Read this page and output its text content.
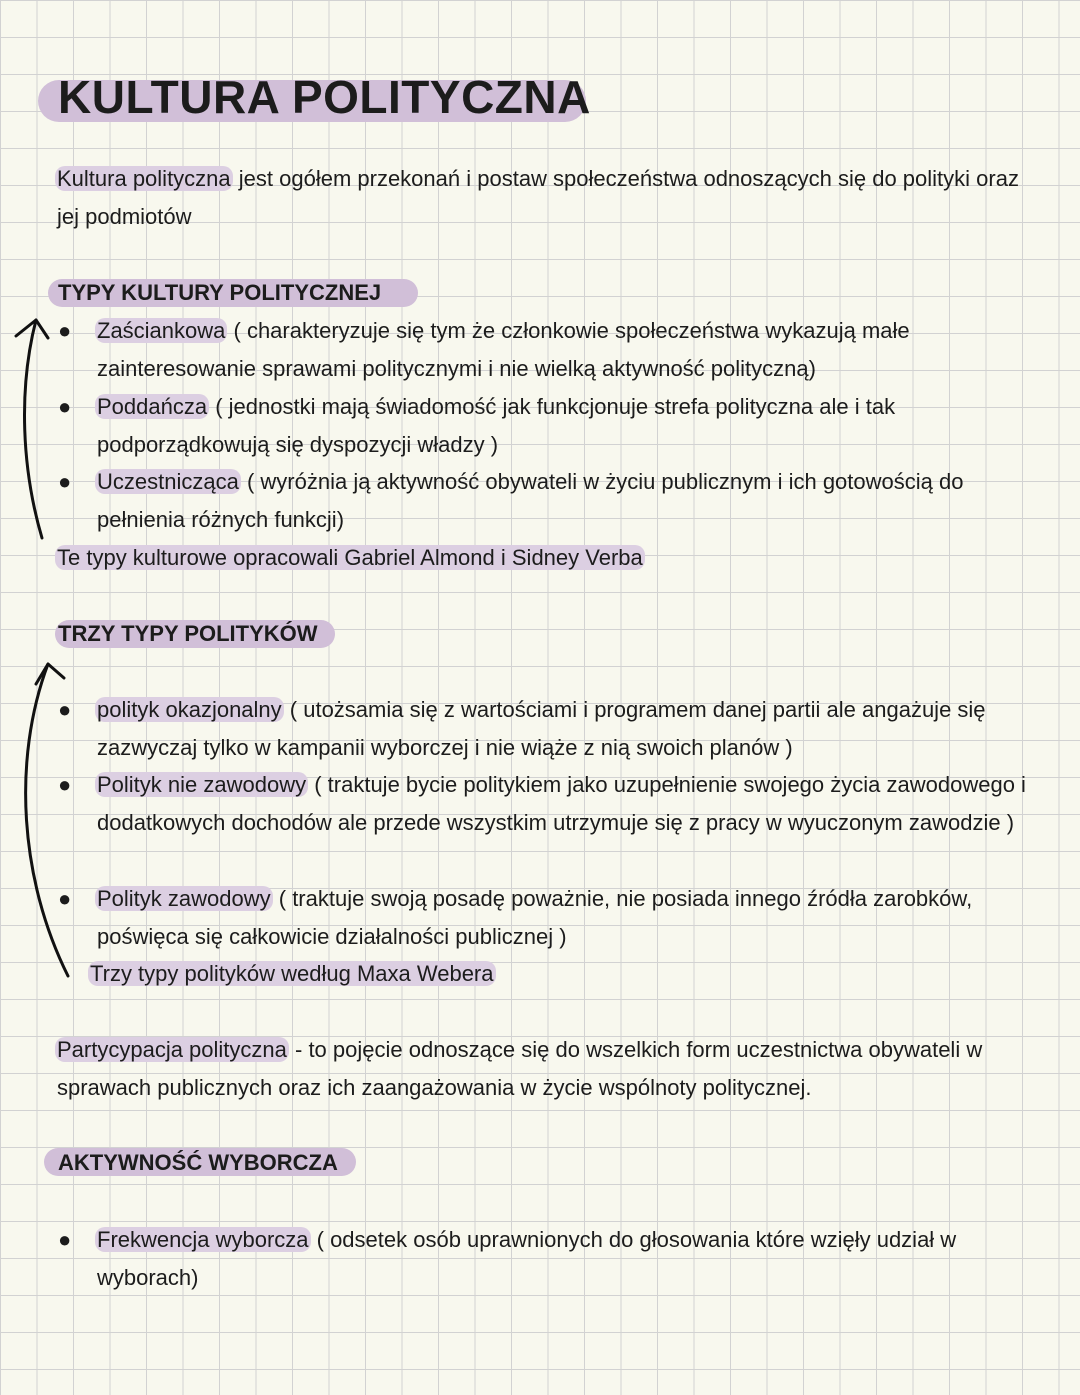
KULTURA POLITYCZNA

Kultura polityczna jest ogółem przekonań i postaw społeczeństwa odnoszących się do polityki oraz jej podmiotów

TYPY KULTURY POLITYCZNEJ
●	Zaściankowa ( charakteryzuje się tym że członkowie społeczeństwa wykazują małe zainteresowanie sprawami politycznymi i nie wielką aktywność polityczną)
●	Poddańcza ( jednostki mają świadomość jak funkcjonuje strefa polityczna ale i tak podporządkowują się dyspozycji władzy )
●	Uczestnicząca ( wyróżnia ją aktywność obywateli w życiu publicznym i ich gotowością do pełnienia różnych funkcji)

Te typy kulturowe opracowali Gabriel Almond i Sidney Verba

TRZY TYPY POLITYKÓW
●	polityk okazjonalny ( utożsamia się z wartościami i programem danej partii ale angażuje się zazwyczaj tylko w kampanii wyborczej i nie wiąże z nią swoich planów )
●	Polityk nie zawodowy ( traktuje bycie politykiem jako uzupełnienie swojego życia zawodowego i dodatkowych dochodów ale przede wszystkim utrzymuje się z pracy w wyuczonym zawodzie )
●	Polityk zawodowy ( traktuje swoją posadę poważnie, nie posiada innego źródła zarobków, poświęca się całkowicie działalności publicznej )

Trzy typy polityków według Maxa Webera

Partycypacja polityczna - to pojęcie odnoszące się do wszelkich form uczestnictwa obywateli w sprawach publicznych oraz ich zaangażowania w życie wspólnoty politycznej.

AKTYWNOŚĆ WYBORCZA
●	Frekwencja wyborcza ( odsetek osób uprawnionych do głosowania które wzięły udział w wyborach)
